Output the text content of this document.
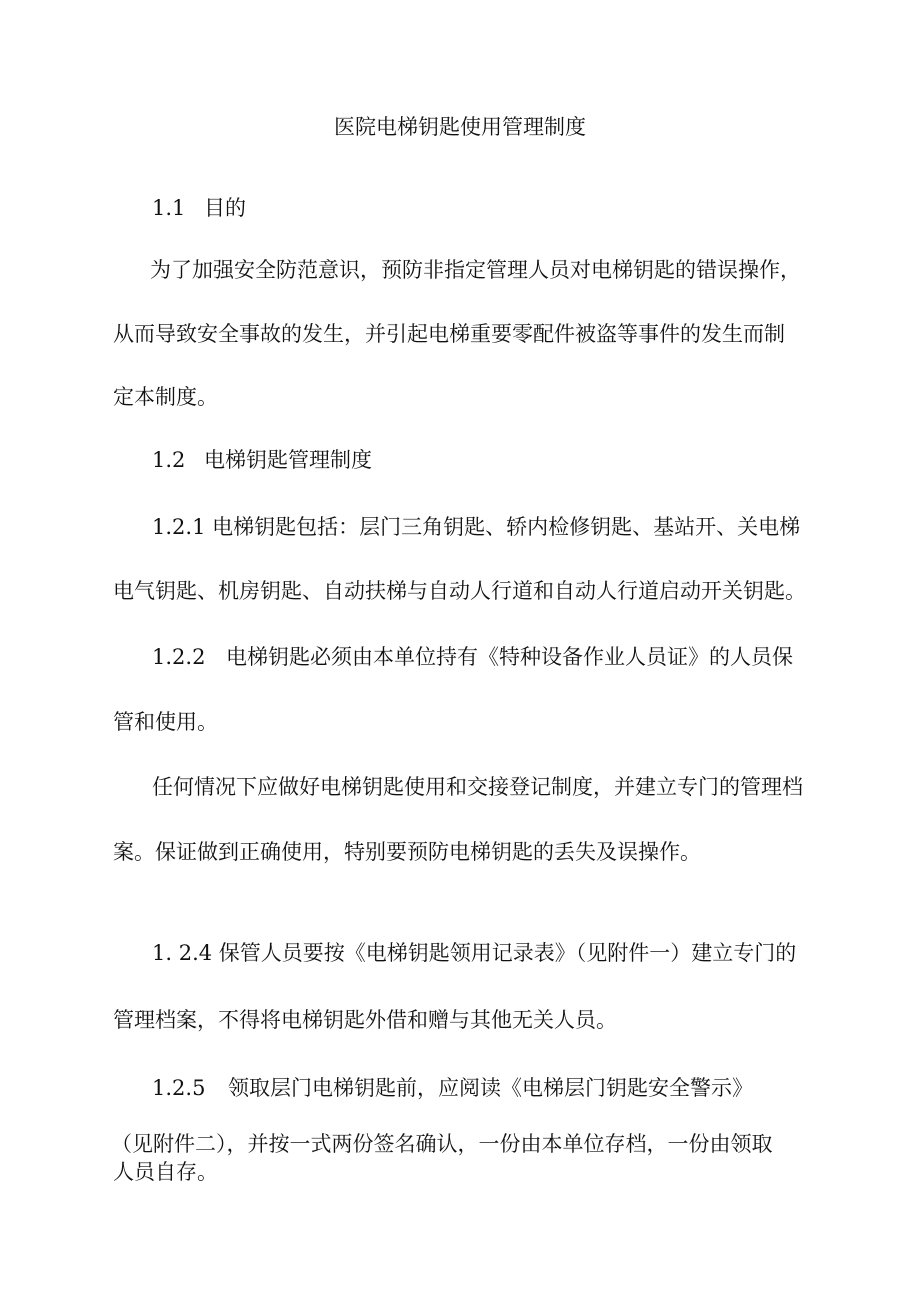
医院电梯钥匙使用管理制度
1.1 目的
为了加强安全防范意识，预防非指定管理人员对电梯钥匙的错误操作，
从而导致安全事故的发生，并引起电梯重要零配件被盗等事件的发生而制
定本制度。
1.2 电梯钥匙管理制度
1.2.1 电梯钥匙包括：层门三角钥匙、轿内检修钥匙、基站开、关电梯
电气钥匙、机房钥匙、自动扶梯与自动人行道和自动人行道启动开关钥匙。
1.2.2 电梯钥匙必须由本单位持有《特种设备作业人员证》的人员保
管和使用。
任何情况下应做好电梯钥匙使用和交接登记制度，并建立专门的管理档
案。保证做到正确使用，特别要预防电梯钥匙的丢失及误操作。
1. 2.4 保管人员要按《电梯钥匙领用记录表》（见附件一）建立专门的
管理档案，不得将电梯钥匙外借和赠与其他无关人员。
1.2.5 领取层门电梯钥匙前，应阅读《电梯层门钥匙安全警示》
（见附件二），并按一式两份签名确认，一份由本单位存档，一份由领取
人员自存。
